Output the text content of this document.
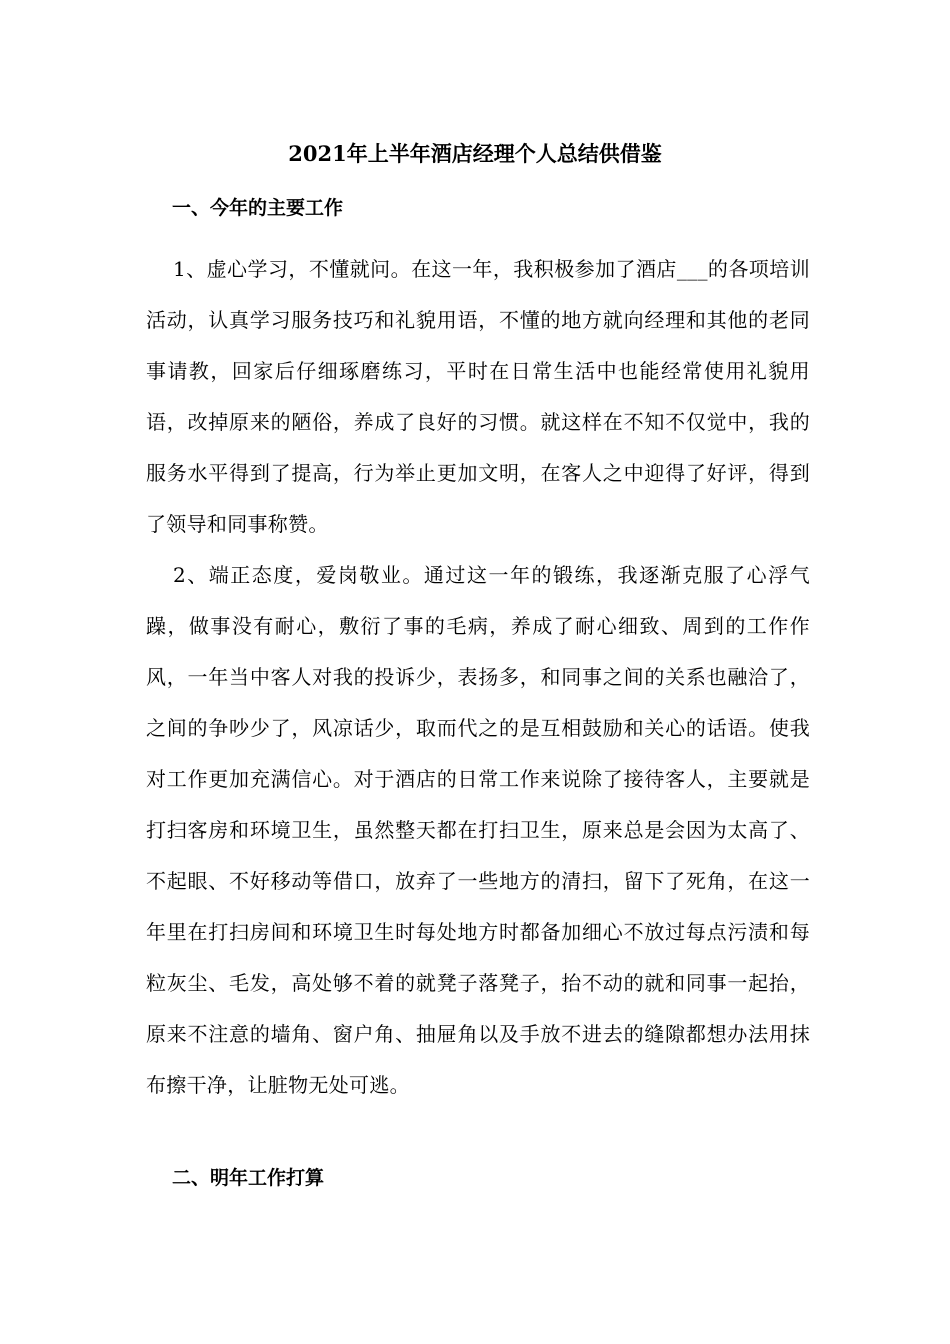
2021年上半年酒店经理个人总结供借鉴
一、今年的主要工作

1、虚心学习，不懂就问。在这一年，我积极参加了酒店___的各项培训活动，认真学习服务技巧和礼貌用语，不懂的地方就向经理和其他的老同事请教，回家后仔细琢磨练习，平时在日常生活中也能经常使用礼貌用语，改掉原来的陋俗，养成了良好的习惯。就这样在不知不仅觉中，我的服务水平得到了提高，行为举止更加文明，在客人之中迎得了好评，得到了领导和同事称赞。

2、端正态度，爱岗敬业。通过这一年的锻练，我逐渐克服了心浮气躁，做事没有耐心，敷衍了事的毛病，养成了耐心细致、周到的工作作风，一年当中客人对我的投诉少，表扬多，和同事之间的关系也融洽了，之间的争吵少了，风凉话少，取而代之的是互相鼓励和关心的话语。使我对工作更加充满信心。对于酒店的日常工作来说除了接待客人，主要就是打扫客房和环境卫生，虽然整天都在打扫卫生，原来总是会因为太高了、不起眼、不好移动等借口，放弃了一些地方的清扫，留下了死角，在这一年里在打扫房间和环境卫生时每处地方时都备加细心不放过每点污渍和每粒灰尘、毛发，高处够不着的就凳子落凳子，抬不动的就和同事一起抬，原来不注意的墙角、窗户角、抽屉角以及手放不进去的缝隙都想办法用抹布擦干净，让脏物无处可逃。

二、明年工作打算
